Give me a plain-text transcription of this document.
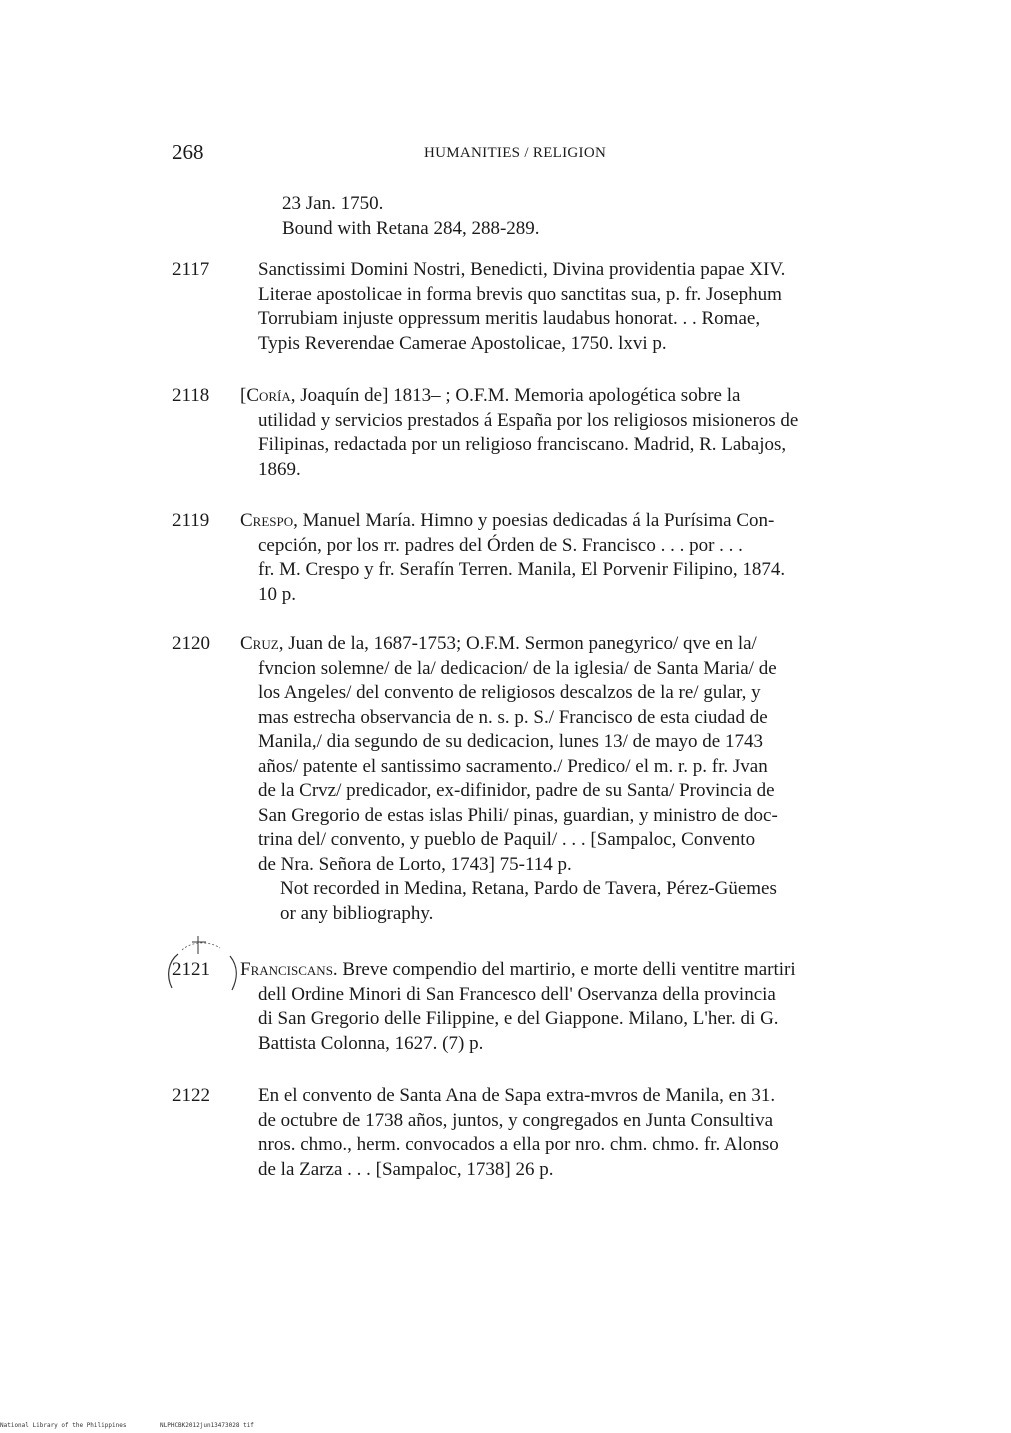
268	HUMANITIES / RELIGION
23 Jan. 1750.
Bound with Retana 284, 288-289.
2117	Sanctissimi Domini Nostri, Benedicti, Divina providentia papae XIV.
Literae apostolicae in forma brevis quo sanctitas sua, p. fr. Josephum
Torrubiam injuste oppressum meritis laudabus honorat. . . Romae,
Typis Reverendae Camerae Apostolicae, 1750. lxvi p.
2118 [Coría, Joaquín de] 1813– ; O.F.M. Memoria apologética sobre la
utilidad y servicios prestados á España por los religiosos misioneros de
Filipinas, redactada por un religioso franciscano. Madrid, R. Labajos,
1869.
2119 Crespo, Manuel María. Himno y poesias dedicadas á la Purísima Con-
cepción, por los rr. padres del Órden de S. Francisco . . . por . . .
fr. M. Crespo y fr. Serafín Terren. Manila, El Porvenir Filipino, 1874.
10 p.
2120 Cruz, Juan de la, 1687-1753; O.F.M. Sermon panegyrico/ qve en la/
fvncion solemne/ de la/ dedicacion/ de la iglesia/ de Santa Maria/ de
los Angeles/ del convento de religiosos descalzos de la re/ gular, y
mas estrecha observancia de n. s. p. S./ Francisco de esta ciudad de
Manila,/ dia segundo de su dedicacion, lunes 13/ de mayo de 1743
años/ patente el santissimo sacramento./ Predico/ el m. r. p. fr. Jvan
de la Crvz/ predicador, ex-difinidor, padre de su Santa/ Provincia de
San Gregorio de estas islas Phili/ pinas, guardian, y ministro de doc-
trina del/ convento, y pueblo de Paquil/ . . . [Sampaloc, Convento
de Nra. Señora de Lorto, 1743] 75-114 p.
Not recorded in Medina, Retana, Pardo de Tavera, Pérez-Güemes
or any bibliography.
2121 Franciscans. Breve compendio del martirio, e morte delli ventitre martiri
dell Ordine Minori di San Francesco dell' Oservanza della provincia
di San Gregorio delle Filippine, e del Giappone. Milano, L'her. di G.
Battista Colonna, 1627. (7) p.
2122	En el convento de Santa Ana de Sapa extra-mvros de Manila, en 31.
de octubre de 1738 años, juntos, y congregados en Junta Consultiva
nros. chmo., herm. convocados a ella por nro. chm. chmo. fr. Alonso
de la Zarza . . . [Sampaloc, 1738] 26 p.
National Library of the Philippines	NLPHCBK2012jun13473028 tif
